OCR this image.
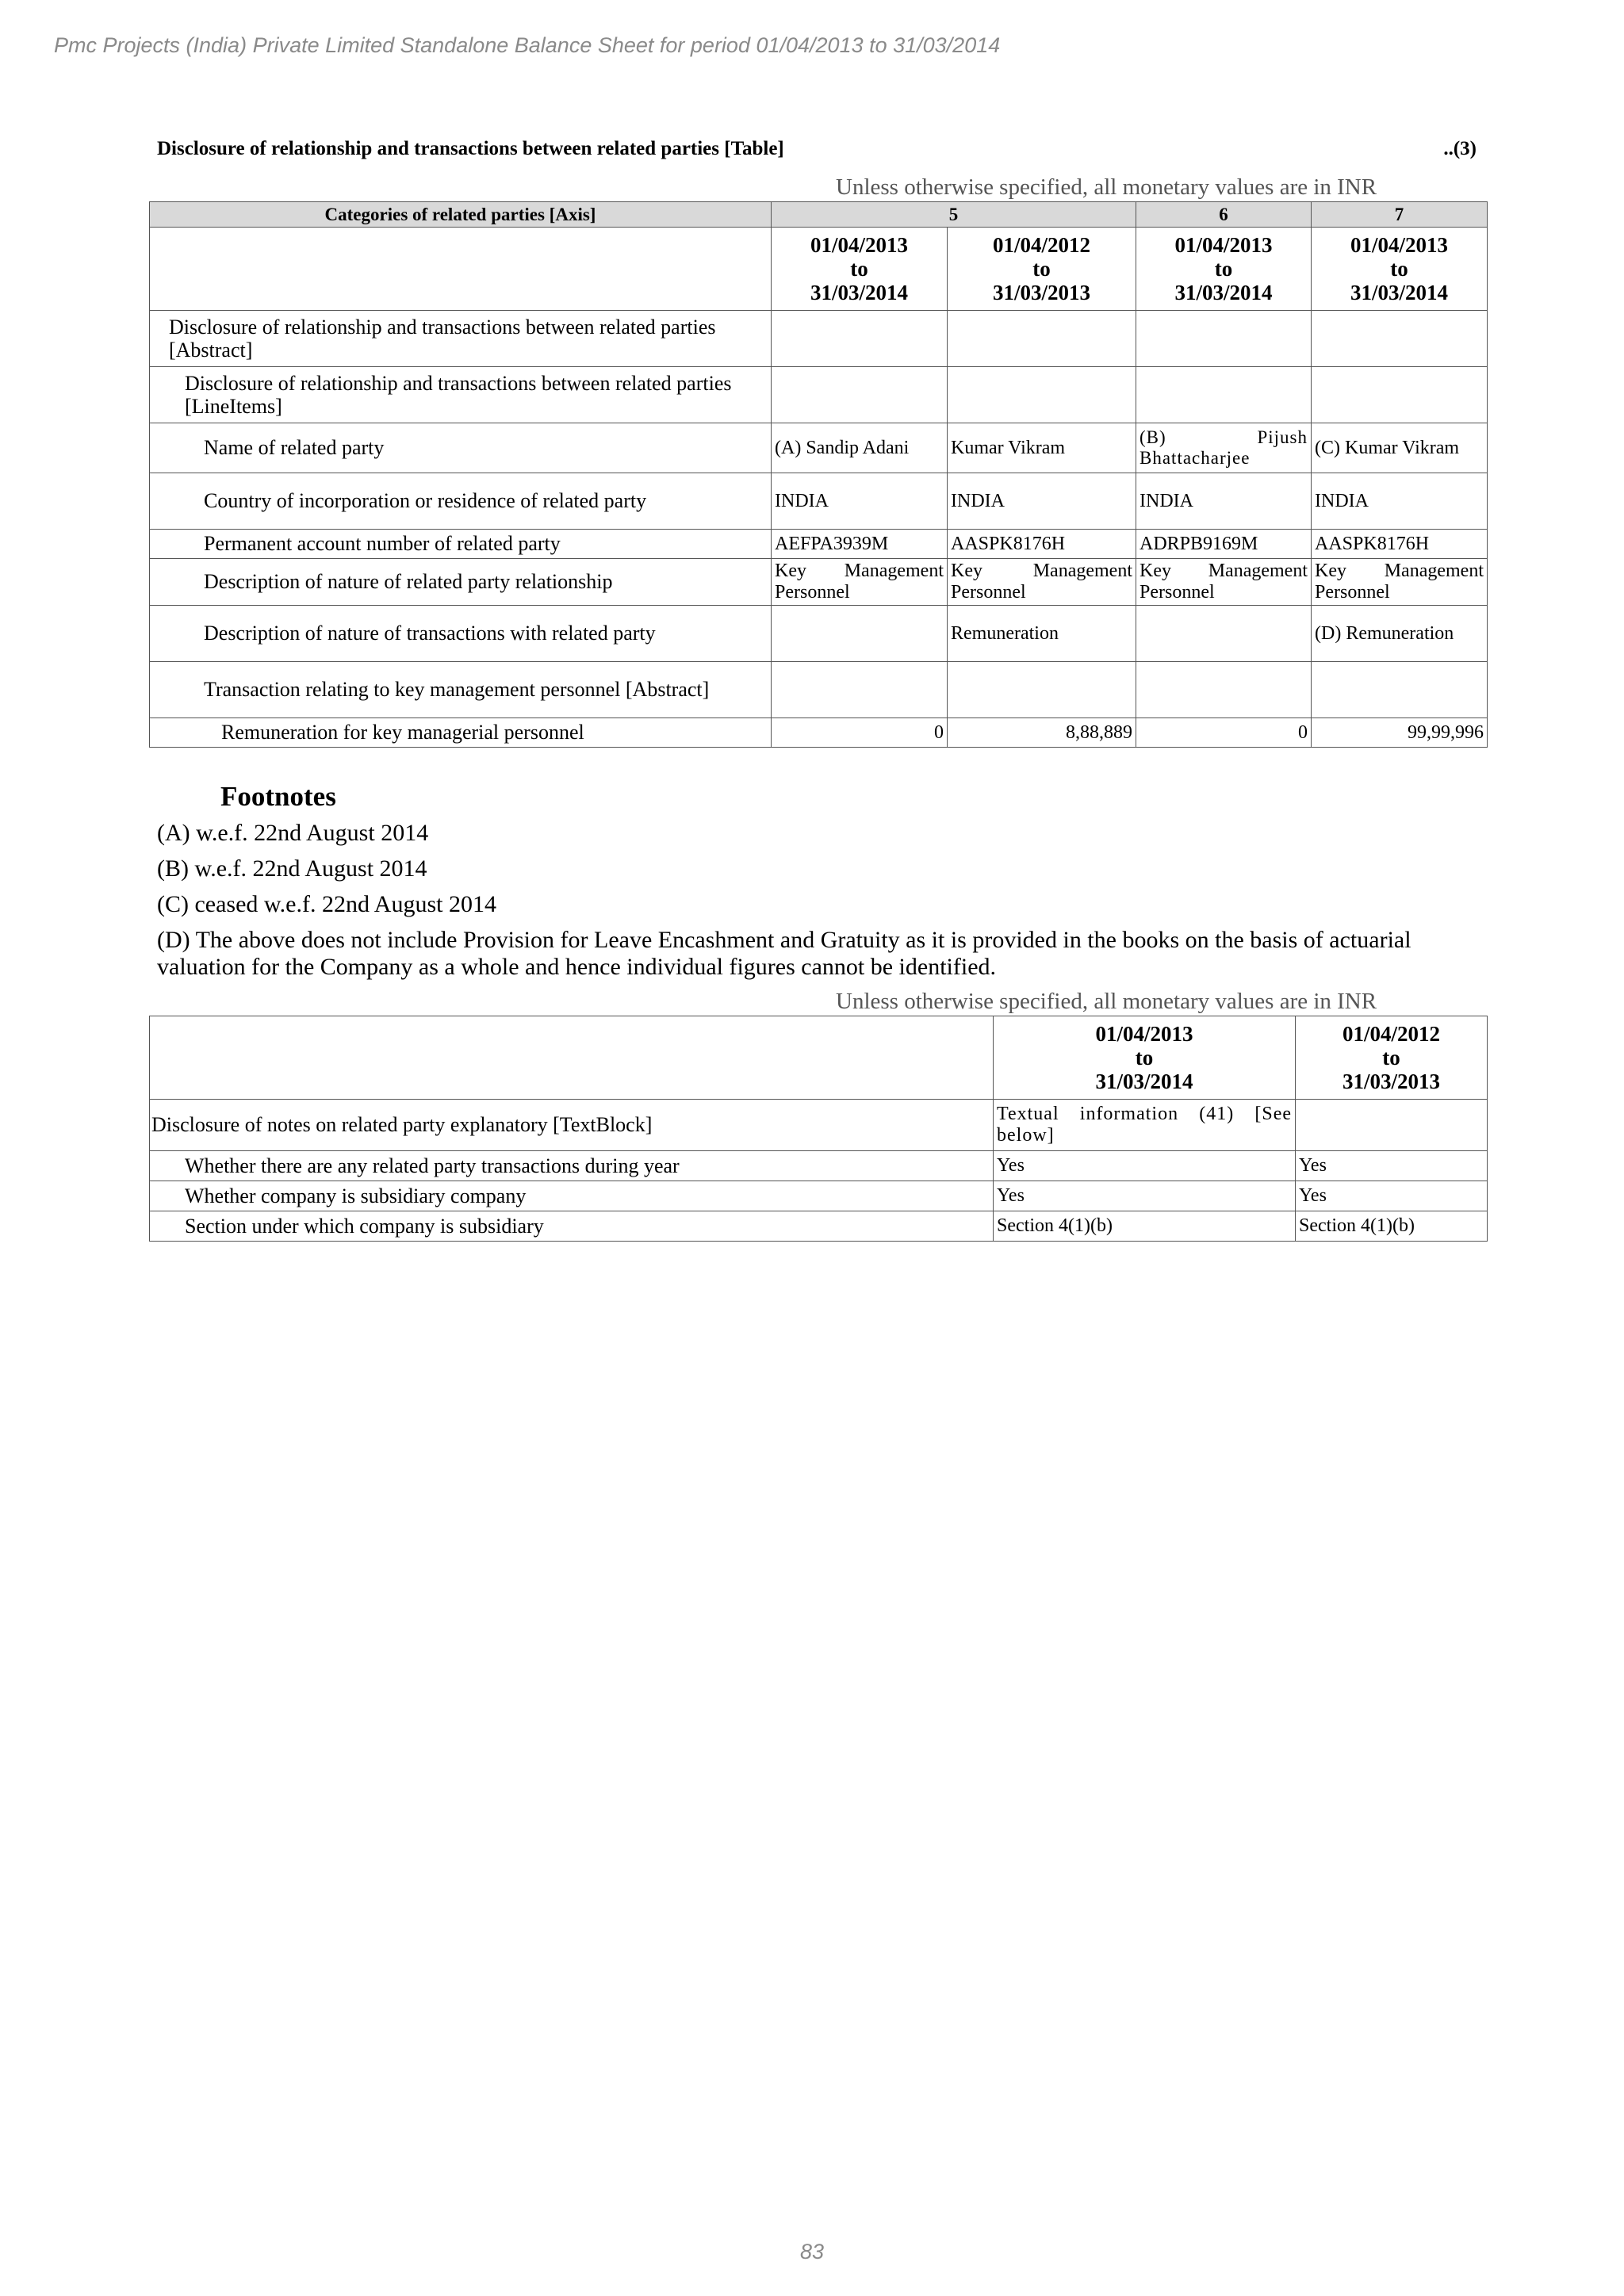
Pmc Projects (India) Private Limited Standalone Balance Sheet for period 01/04/2013 to 31/03/2014
Disclosure of relationship and transactions between related parties [Table]	..(3)
Unless otherwise specified, all monetary values are in INR
Categories of related parties [Axis]	5		6	7
	01/04/2013
to
31/03/2014	01/04/2012
to
31/03/2013	01/04/2013
to
31/03/2014	01/04/2013
to
31/03/2014
Disclosure of relationship and transactions between related parties [Abstract]				
Disclosure of relationship and transactions between related parties [LineItems]				
Name of related party	(A) Sandip Adani	Kumar Vikram	(B) Pijush Bhattacharjee	(C) Kumar Vikram
Country of incorporation or residence of related party	INDIA	INDIA	INDIA	INDIA
Permanent account number of related party	AEFPA3939M	AASPK8176H	ADRPB9169M	AASPK8176H
Description of nature of related party relationship	Key Management Personnel	Key Management Personnel	Key Management Personnel	Key Management Personnel
Description of nature of transactions with related party		Remuneration		(D) Remuneration
Transaction relating to key management personnel [Abstract]				
Remuneration for key managerial personnel	0	8,88,889	0	99,99,996
Footnotes
(A) w.e.f. 22nd August 2014
(B) w.e.f. 22nd August 2014
(C) ceased w.e.f. 22nd August 2014
(D) The above does not include Provision for Leave Encashment and Gratuity as it is provided in the books on the basis of actuarial valuation for the Company as a whole and hence individual figures cannot be identified.
Unless otherwise specified, all monetary values are in INR
	01/04/2013
to
31/03/2014	01/04/2012
to
31/03/2013
Disclosure of notes on related party explanatory [TextBlock]	Textual information (41) [See below]	
Whether there are any related party transactions during year	Yes	Yes
Whether company is subsidiary company	Yes	Yes
Section under which company is subsidiary	Section 4(1)(b)	Section 4(1)(b)
83
